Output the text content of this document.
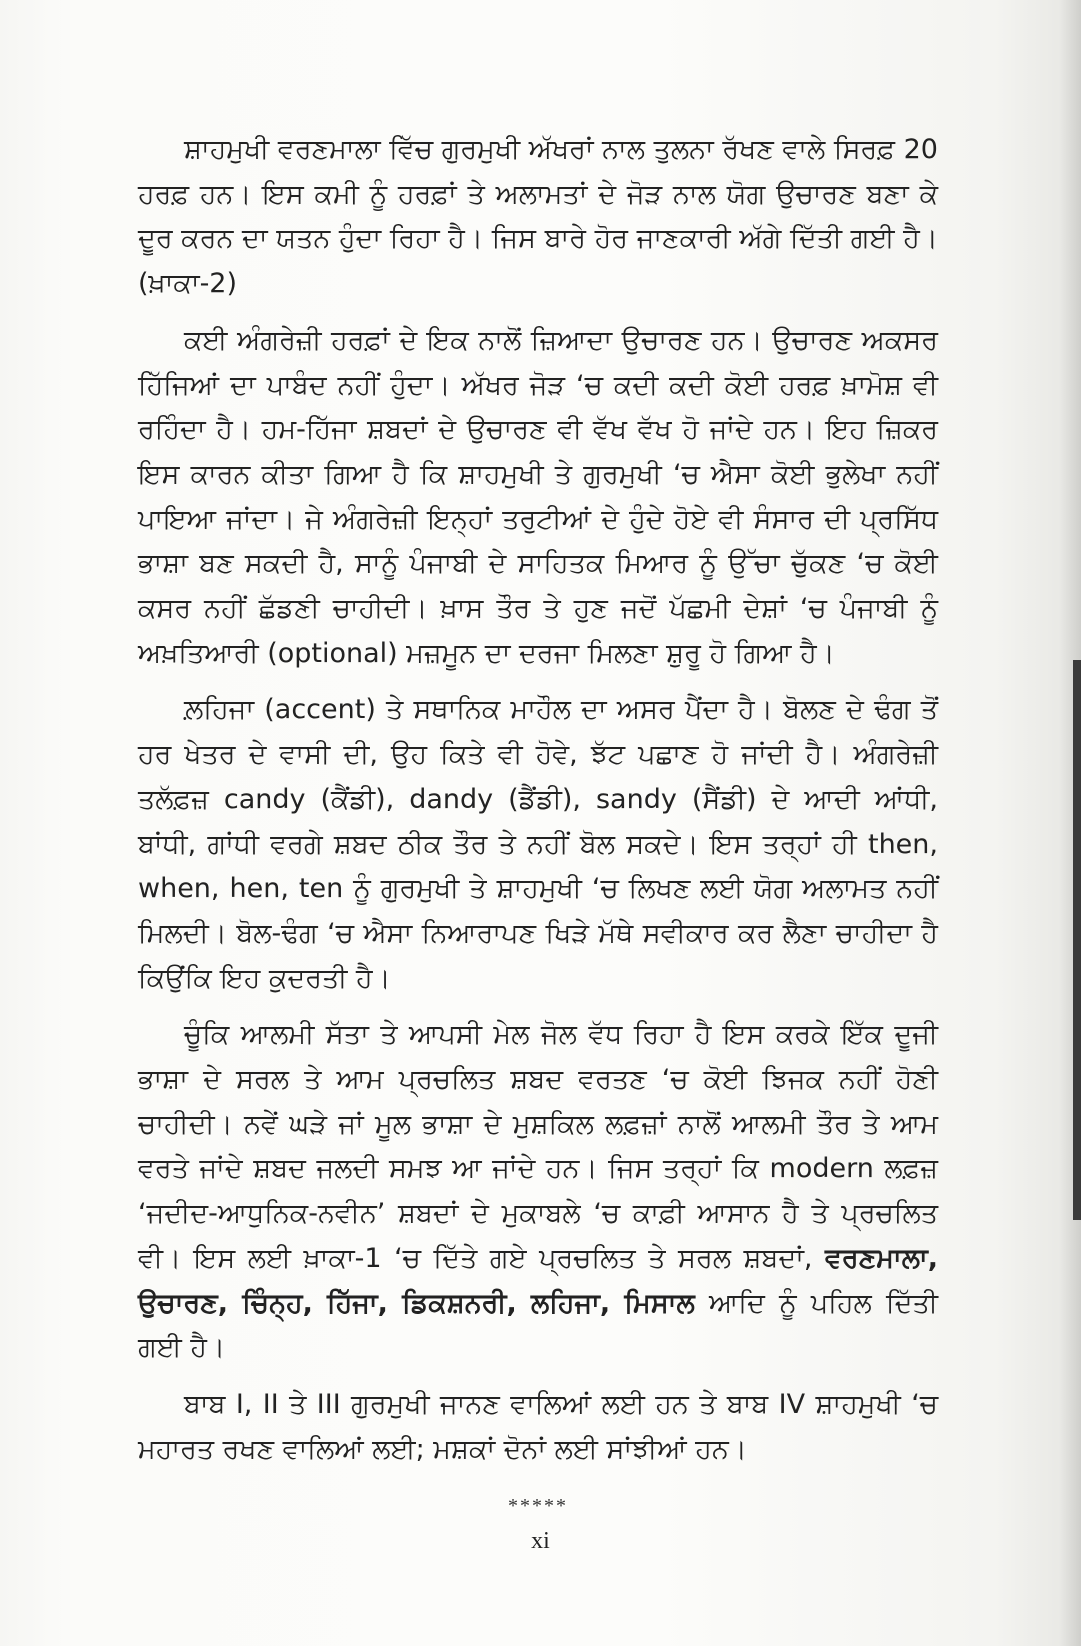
ਸ਼ਾਹਮੁਖੀ ਵਰਣਮਾਲਾ ਵਿੱਚ ਗੁਰਮੁਖੀ ਅੱਖਰਾਂ ਨਾਲ ਤੁਲਨਾ ਰੱਖਣ ਵਾਲੇ ਸਿਰਫ਼ 20 ਹਰਫ਼ ਹਨ। ਇਸ ਕਮੀ ਨੂੰ ਹਰਫ਼ਾਂ ਤੇ ਅਲਾਮਤਾਂ ਦੇ ਜੋੜ ਨਾਲ ਯੋਗ ਉਚਾਰਣ ਬਣਾ ਕੇ ਦੂਰ ਕਰਨ ਦਾ ਯਤਨ ਹੁੰਦਾ ਰਿਹਾ ਹੈ। ਜਿਸ ਬਾਰੇ ਹੋਰ ਜਾਣਕਾਰੀ ਅੱਗੇ ਦਿੱਤੀ ਗਈ ਹੈ। (ਖ਼ਾਕਾ-2)

ਕਈ ਅੰਗਰੇਜ਼ੀ ਹਰਫ਼ਾਂ ਦੇ ਇਕ ਨਾਲੋਂ ਜ਼ਿਆਦਾ ਉਚਾਰਣ ਹਨ। ਉਚਾਰਣ ਅਕਸਰ ਹਿੱਜਿਆਂ ਦਾ ਪਾਬੰਦ ਨਹੀਂ ਹੁੰਦਾ। ਅੱਖਰ ਜੋੜ ‘ਚ ਕਦੀ ਕਦੀ ਕੋਈ ਹਰਫ਼ ਖ਼ਾਮੋਸ਼ ਵੀ ਰਹਿੰਦਾ ਹੈ। ਹਮ-ਹਿੱਜਾ ਸ਼ਬਦਾਂ ਦੇ ਉਚਾਰਣ ਵੀ ਵੱਖ ਵੱਖ ਹੋ ਜਾਂਦੇ ਹਨ। ਇਹ ਜ਼ਿਕਰ ਇਸ ਕਾਰਨ ਕੀਤਾ ਗਿਆ ਹੈ ਕਿ ਸ਼ਾਹਮੁਖੀ ਤੇ ਗੁਰਮੁਖੀ ‘ਚ ਐਸਾ ਕੋਈ ਭੁਲੇਖਾ ਨਹੀਂ ਪਾਇਆ ਜਾਂਦਾ। ਜੇ ਅੰਗਰੇਜ਼ੀ ਇਨ੍ਹਾਂ ਤਰੁਟੀਆਂ ਦੇ ਹੁੰਦੇ ਹੋਏ ਵੀ ਸੰਸਾਰ ਦੀ ਪ੍ਰਸਿੱਧ ਭਾਸ਼ਾ ਬਣ ਸਕਦੀ ਹੈ, ਸਾਨੂੰ ਪੰਜਾਬੀ ਦੇ ਸਾਹਿਤਕ ਮਿਆਰ ਨੂੰ ਉੱਚਾ ਚੁੱਕਣ ‘ਚ ਕੋਈ ਕਸਰ ਨਹੀਂ ਛੱਡਣੀ ਚਾਹੀਦੀ। ਖ਼ਾਸ ਤੌਰ ਤੇ ਹੁਣ ਜਦੋਂ ਪੱਛਮੀ ਦੇਸ਼ਾਂ ‘ਚ ਪੰਜਾਬੀ ਨੂੰ ਅਖ਼ਤਿਆਰੀ (optional) ਮਜ਼ਮੂਨ ਦਾ ਦਰਜਾ ਮਿਲਣਾ ਸ਼ੁਰੂ ਹੋ ਗਿਆ ਹੈ।

ਲ਼ਹਿਜਾ (accent) ਤੇ ਸਥਾਨਿਕ ਮਾਹੌਲ ਦਾ ਅਸਰ ਪੈਂਦਾ ਹੈ। ਬੋਲਣ ਦੇ ਢੰਗ ਤੋਂ ਹਰ ਖੇਤਰ ਦੇ ਵਾਸੀ ਦੀ, ਉਹ ਕਿਤੇ ਵੀ ਹੋਵੇ, ਝੱਟ ਪਛਾਣ ਹੋ ਜਾਂਦੀ ਹੈ। ਅੰਗਰੇਜ਼ੀ ਤਲੱਫ਼ਜ਼ candy (ਕੈਂਡੀ), dandy (ਡੈਂਡੀ), sandy (ਸੈਂਡੀ) ਦੇ ਆਦੀ ਆਂਧੀ, ਬਾਂਧੀ, ਗਾਂਧੀ ਵਰਗੇ ਸ਼ਬਦ ਠੀਕ ਤੌਰ ਤੇ ਨਹੀਂ ਬੋਲ ਸਕਦੇ। ਇਸ ਤਰ੍ਹਾਂ ਹੀ then, when, hen, ten ਨੂੰ ਗੁਰਮੁਖੀ ਤੇ ਸ਼ਾਹਮੁਖੀ ‘ਚ ਲਿਖਣ ਲਈ ਯੋਗ ਅਲਾਮਤ ਨਹੀਂ ਮਿਲਦੀ। ਬੋਲ-ਢੰਗ ‘ਚ ਐਸਾ ਨਿਆਰਾਪਣ ਖਿੜੇ ਮੱਥੇ ਸਵੀਕਾਰ ਕਰ ਲੈਣਾ ਚਾਹੀਦਾ ਹੈ ਕਿਉਂਕਿ ਇਹ ਕੁਦਰਤੀ ਹੈ।

ਚੂੰਕਿ ਆਲਮੀ ਸੱਤਾ ਤੇ ਆਪਸੀ ਮੇਲ ਜੋਲ ਵੱਧ ਰਿਹਾ ਹੈ ਇਸ ਕਰਕੇ ਇੱਕ ਦੂਜੀ ਭਾਸ਼ਾ ਦੇ ਸਰਲ ਤੇ ਆਮ ਪ੍ਰਚਲਿਤ ਸ਼ਬਦ ਵਰਤਣ ‘ਚ ਕੋਈ ਝਿਜਕ ਨਹੀਂ ਹੋਣੀ ਚਾਹੀਦੀ। ਨਵੇਂ ਘੜੇ ਜਾਂ ਮੂਲ ਭਾਸ਼ਾ ਦੇ ਮੁਸ਼ਕਿਲ ਲਫ਼ਜ਼ਾਂ ਨਾਲੋਂ ਆਲਮੀ ਤੌਰ ਤੇ ਆਮ ਵਰਤੇ ਜਾਂਦੇ ਸ਼ਬਦ ਜਲਦੀ ਸਮਝ ਆ ਜਾਂਦੇ ਹਨ। ਜਿਸ ਤਰ੍ਹਾਂ ਕਿ modern ਲਫ਼ਜ਼ ‘ਜਦੀਦ-ਆਧੁਨਿਕ-ਨਵੀਨ’ ਸ਼ਬਦਾਂ ਦੇ ਮੁਕਾਬਲੇ ‘ਚ ਕਾਫ਼ੀ ਆਸਾਨ ਹੈ ਤੇ ਪ੍ਰਚਲਿਤ ਵੀ। ਇਸ ਲਈ ਖ਼ਾਕਾ-1 ‘ਚ ਦਿੱਤੇ ਗਏ ਪ੍ਰਚਲਿਤ ਤੇ ਸਰਲ ਸ਼ਬਦਾਂ, ਵਰਣਮਾਲਾ, ਉਚਾਰਣ, ਚਿੰਨ੍ਹ, ਹਿੱਜਾ, ਡਿਕਸ਼ਨਰੀ, ਲਹਿਜਾ, ਮਿਸਾਲ ਆਦਿ ਨੂੰ ਪਹਿਲ ਦਿੱਤੀ ਗਈ ਹੈ।

ਬਾਬ I, II ਤੇ III ਗੁਰਮੁਖੀ ਜਾਨਣ ਵਾਲਿਆਂ ਲਈ ਹਨ ਤੇ ਬਾਬ IV ਸ਼ਾਹਮੁਖੀ ‘ਚ ਮਹਾਰਤ ਰਖਣ ਵਾਲਿਆਂ ਲਈ; ਮਸ਼ਕਾਂ ਦੋਨਾਂ ਲਈ ਸਾਂਝੀਆਂ ਹਨ।

*****
xi
